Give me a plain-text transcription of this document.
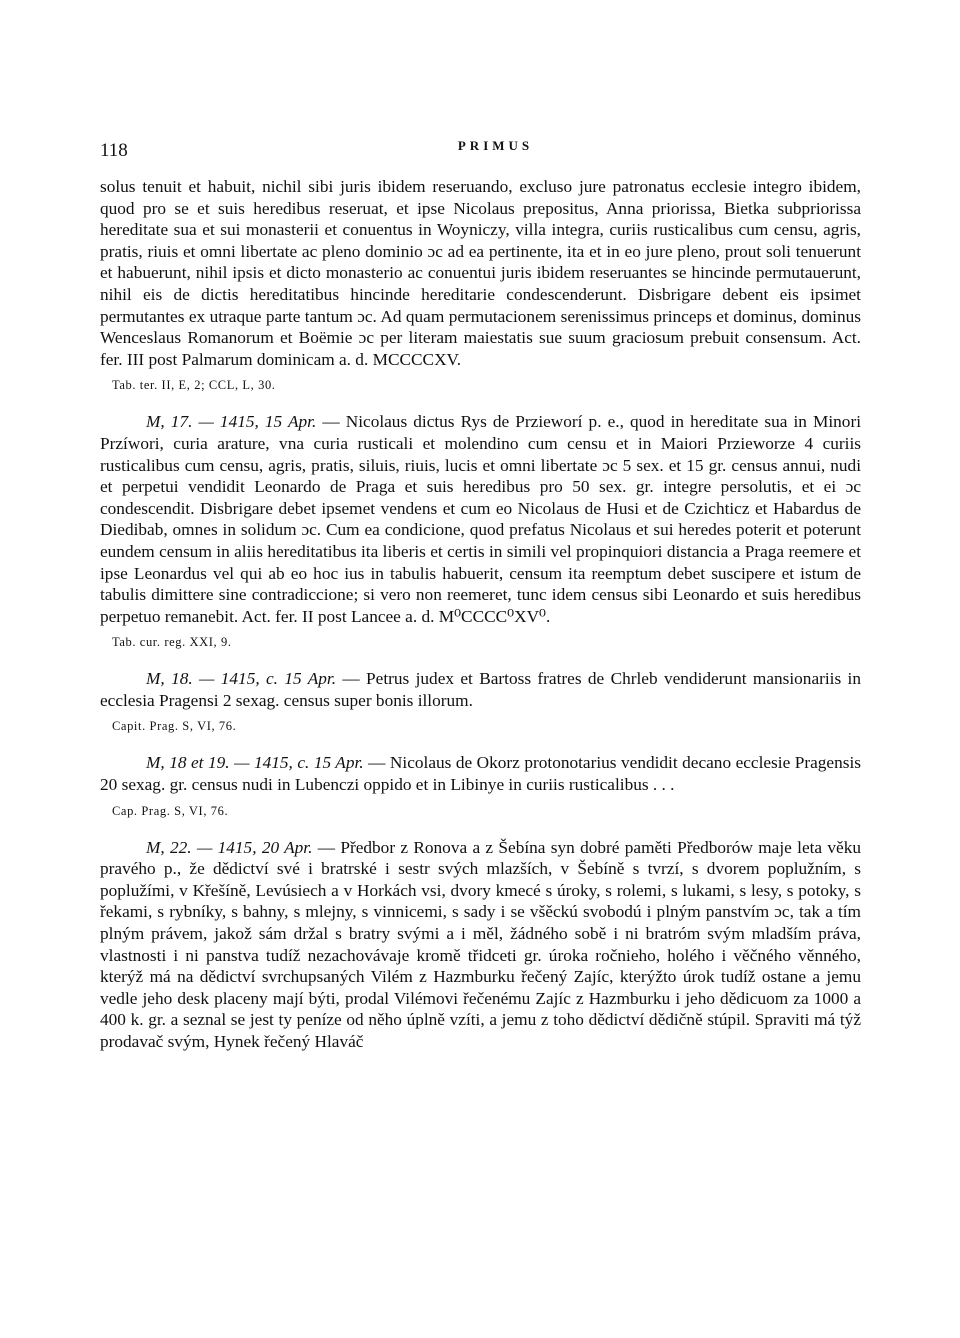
118	PRIMUS

solus tenuit et habuit, nichil sibi juris ibidem reseruando, excluso jure patronatus ecclesie integro ibidem, quod pro se et suis heredibus reseruat, et ipse Nicolaus prepositus, Anna priorissa, Bietka subpriorissa hereditate sua et sui monasterii et conuentus in Woyniczy, villa integra, curiis rusticalibus cum censu, agris, pratis, riuis et omni libertate ac pleno dominio ɔc ad ea pertinente, ita et in eo jure pleno, prout soli tenuerunt et habuerunt, nihil ipsis et dicto monasterio ac conuentui juris ibidem reseruantes se hincinde permutauerunt, nihil eis de dictis hereditatibus hincinde hereditarie condescenderunt. Disbrigare debent eis ipsimet permutantes ex utraque parte tantum ɔc. Ad quam permutacionem serenissimus princeps et dominus, dominus Wenceslaus Romanorum et Boëmie ɔc per literam maiestatis sue suum graciosum prebuit consensum. Act. fer. III post Palmarum dominicam a. d. MCCCCXV.

Tab. ter. II, E, 2; CCL, L, 30.

M, 17. — 1415, 15 Apr. — Nicolaus dictus Rys de Przieworí p. e., quod in hereditate sua in Minori Przíwori, curia arature, vna curia rusticali et molendino cum censu et in Maiori Przieworze 4 curiis rusticalibus cum censu, agris, pratis, siluis, riuis, lucis et omni libertate ɔc 5 sex. et 15 gr. census annui, nudi et perpetui vendidit Leonardo de Praga et suis heredibus pro 50 sex. gr. integre persolutis, et ei ɔc condescendit. Disbrigare debet ipsemet vendens et cum eo Nicolaus de Husi et de Czichticz et Habardus de Diedibab, omnes in solidum ɔc. Cum ea condicione, quod prefatus Nicolaus et sui heredes poterit et poterunt eundem censum in aliis hereditatibus ita liberis et certis in simili vel propinquiori distancia a Praga reemere et ipse Leonardus vel qui ab eo hoc ius in tabulis habuerit, censum ita reemptum debet suscipere et istum de tabulis dimittere sine contradiccione; si vero non reemeret, tunc idem census sibi Leonardo et suis heredibus perpetuo remanebit. Act. fer. II post Lancee a. d. M⁰CCCC⁰XV⁰.

Tab. cur. reg. XXI, 9.

M, 18. — 1415, c. 15 Apr. — Petrus judex et Bartoss fratres de Chrleb vendiderunt mansionariis in ecclesia Pragensi 2 sexag. census super bonis illorum.

Capit. Prag. S, VI, 76.

M, 18 et 19. — 1415, c. 15 Apr. — Nicolaus de Okorz protonotarius vendidit decano ecclesie Pragensis 20 sexag. gr. census nudi in Lubenczi oppido et in Libinye in curiis rusticalibus . . .

Cap. Prag. S, VI, 76.

M, 22. — 1415, 20 Apr. — Předbor z Ronova a z Šebína syn dobré paměti Předborów maje leta věku pravého p., že dědictví své i bratrské i sestr svých mlazších, v Šebíně s tvrzí, s dvorem poplužním, s poplužími, v Křešíně, Levúsiech a v Horkách vsi, dvory kmecé s úroky, s rolemi, s lukami, s lesy, s potoky, s řekami, s rybníky, s bahny, s mlejny, s vinnicemi, s sady i se všěckú svobodú i plným panstvím ɔc, tak a tím plným právem, jakož sám držal s bratry svými a i měl, žádného sobě i ni bratróm svým mladším práva, vlastnosti i ni panstva tudíž nezachovávaje kromě třidceti gr. úroka ročnieho, holého i věčného věnného, kterýž má na dědictví svrchupsaných Vilém z Hazmburku řečený Zajíc, kterýžto úrok tudíž ostane a jemu vedle jeho desk placeny mají býti, prodal Vilémovi řečenému Zajíc z Hazmburku i jeho dědicuom za 1000 a 400 k. gr. a seznal se jest ty peníze od něho úplně vzíti, a jemu z toho dědictví dědičně stúpil. Spraviti má týž prodavač svým, Hynek řečený Hlaváč
